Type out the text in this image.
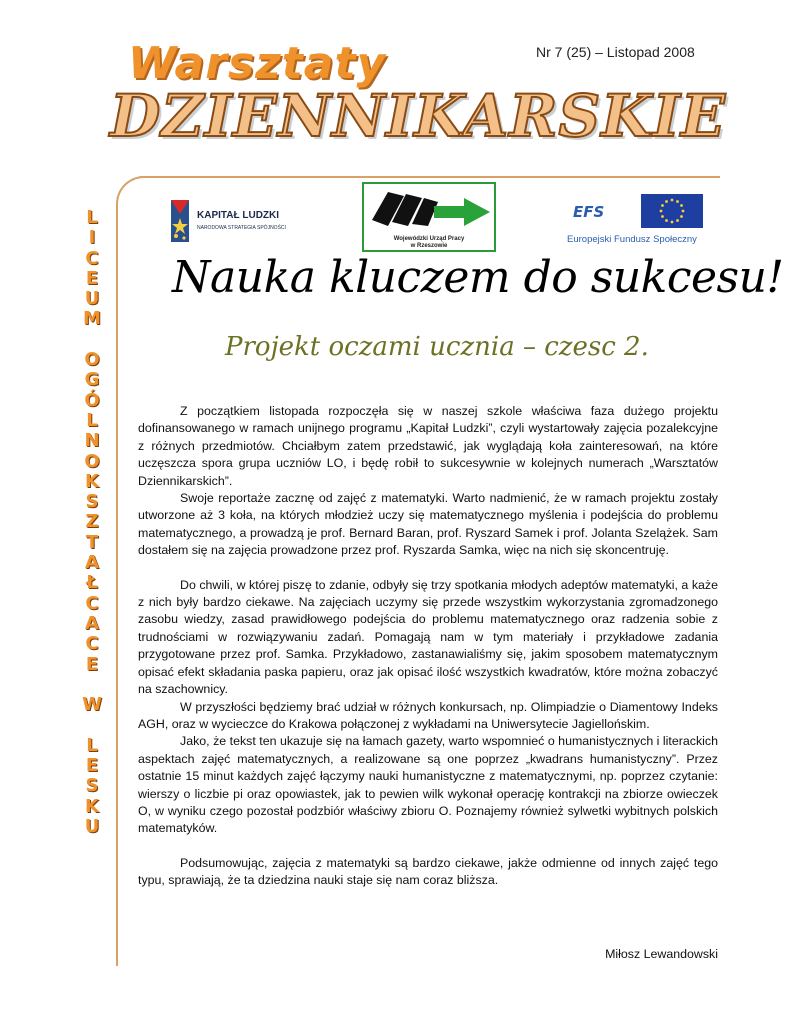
Warsztaty
DZIENNIKARSKIE
Nr 7 (25) – Listopad 2008
L
I
C
E
U
M

O
G
Ó
L
N
O
K
S
Z
T
A
Ł
C
A
C
E

W

L
E
S
K
U
KAPITAŁ LUDZKI
NARODOWA STRATEGIA SPÓJNOŚCI
Wojewódzki Urząd Pracy
w Rzeszowie
EFS
Europejski Fundusz Społeczny
Nauka kluczem do sukcesu!
Projekt oczami ucznia – czesc 2.

Z początkiem listopada rozpoczęła się w naszej szkole właściwa faza dużego projektu dofinansowanego w ramach unijnego programu „Kapitał Ludzki”, czyli wystartowały zajęcia pozalekcyjne z różnych przedmiotów. Chciałbym zatem przedstawić, jak wyglądają koła zainteresowań, na które uczęszcza spora grupa uczniów LO, i będę robił to sukcesywnie w kolejnych numerach „Warsztatów Dziennikarskich”.

Swoje reportaże zacznę od zajęć z matematyki. Warto nadmienić, że w ramach projektu zostały utworzone aż 3 koła, na których młodzież uczy się matematycznego myślenia i podejścia do problemu matematycznego, a prowadzą je prof. Bernard Baran, prof. Ryszard Samek i prof. Jolanta Szelążek. Sam dostałem się na zajęcia prowadzone przez prof. Ryszarda Samka, więc na nich się skoncentruję.

Do chwili, w której piszę to zdanie, odbyły się trzy spotkania młodych adeptów matematyki, a każe z nich były bardzo ciekawe. Na zajęciach uczymy się przede wszystkim wykorzystania zgromadzonego zasobu wiedzy, zasad prawidłowego podejścia do problemu matematycznego oraz radzenia sobie z trudnościami w rozwiązywaniu zadań. Pomagają nam w tym materiały i przykładowe zadania przygotowane przez prof. Samka. Przykładowo, zastanawialiśmy się, jakim sposobem matematycznym opisać efekt składania paska papieru, oraz jak opisać ilość wszystkich kwadratów, które można zobaczyć na szachownicy.

W przyszłości będziemy brać udział w różnych konkursach, np. Olimpiadzie o Diamentowy Indeks AGH, oraz w wycieczce do Krakowa połączonej z wykładami na Uniwersytecie Jagiellońskim.

Jako, że tekst ten ukazuje się na łamach gazety, warto wspomnieć o humanistycznych i literackich aspektach zajęć matematycznych, a realizowane są one poprzez „kwadrans humanistyczny”. Przez ostatnie 15 minut każdych zajęć łączymy nauki humanistyczne z matematycznymi, np. poprzez czytanie: wierszy o liczbie pi oraz opowiastek, jak to pewien wilk wykonał operację kontrakcji na zbiorze owieczek O, w wyniku czego pozostał podzbiór właściwy zbioru O. Poznajemy również sylwetki wybitnych polskich matematyków.

Podsumowując, zajęcia z matematyki są bardzo ciekawe, jakże odmienne od innych zajęć tego typu, sprawiają, że ta dziedzina nauki staje się nam coraz bliższa.

Miłosz Lewandowski
